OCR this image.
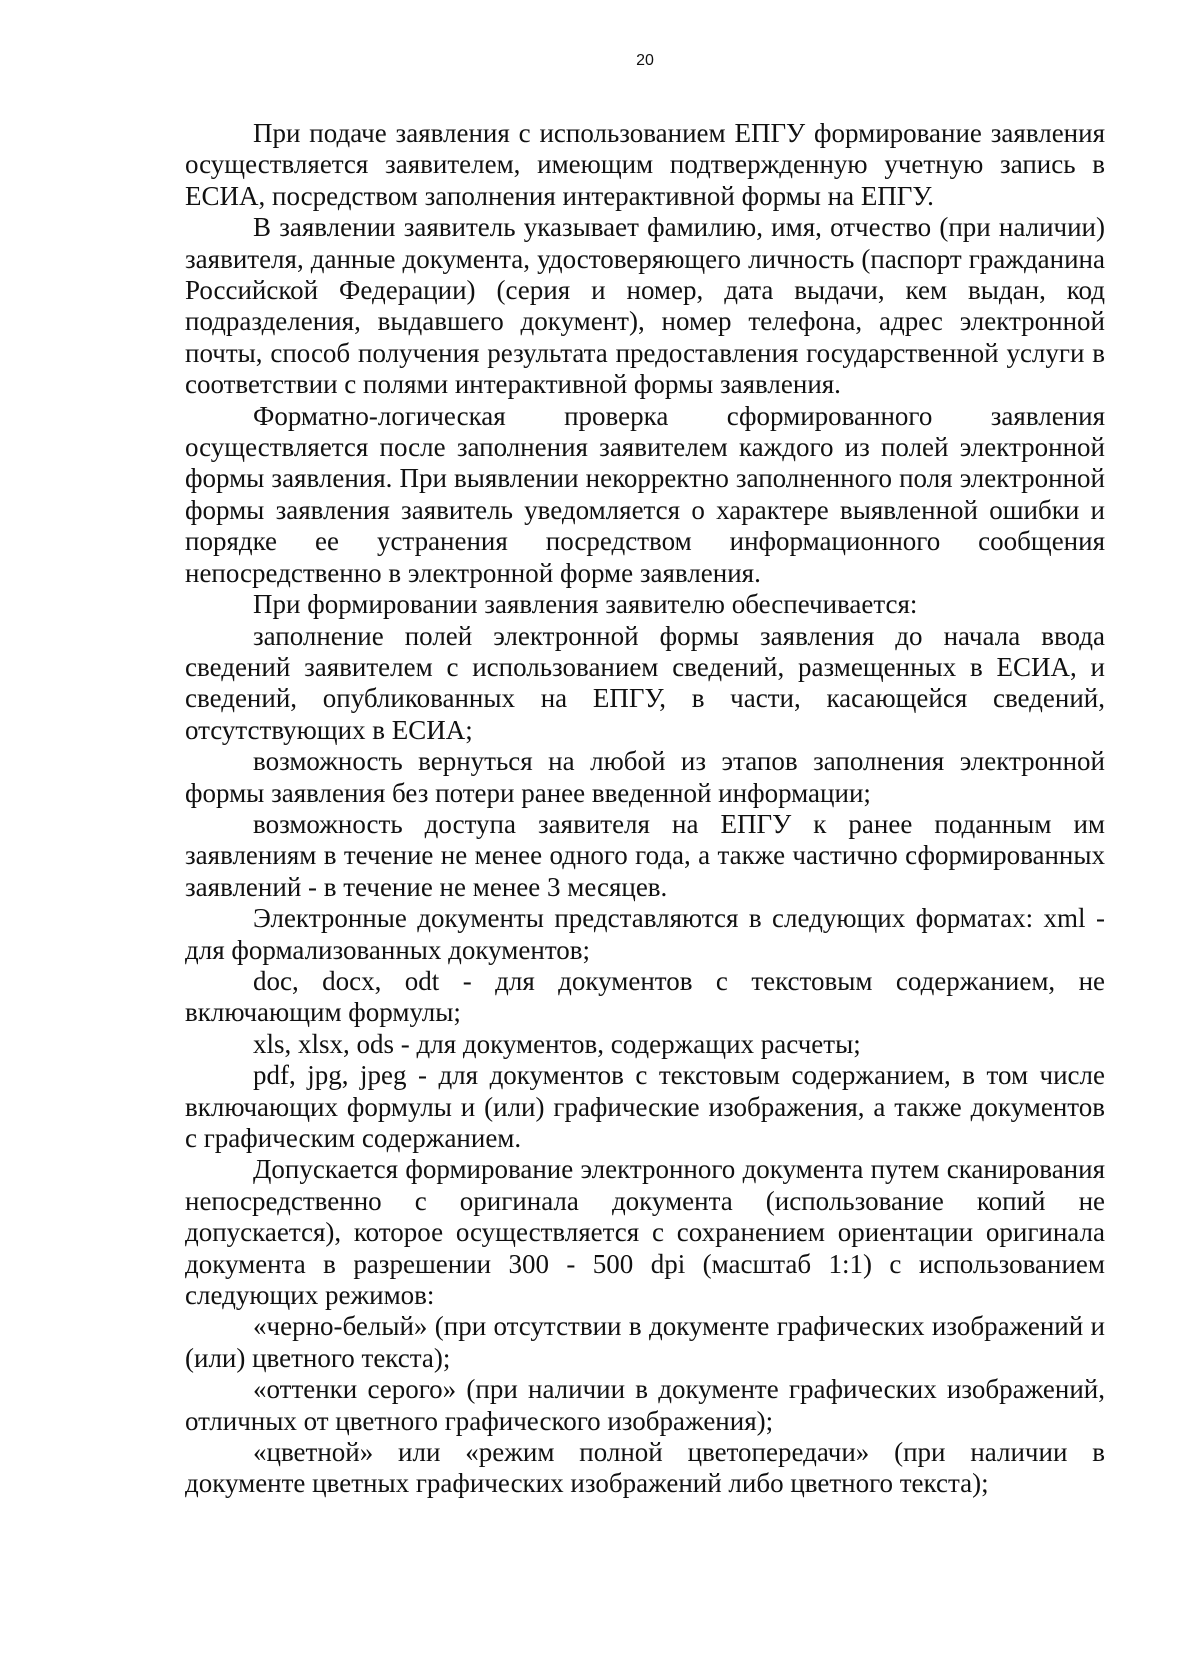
20

При подаче заявления с использованием ЕПГУ формирование заявления осуществляется заявителем, имеющим подтвержденную учетную запись в ЕСИА, посредством заполнения интерактивной формы на ЕПГУ.

В заявлении заявитель указывает фамилию, имя, отчество (при наличии) заявителя, данные документа, удостоверяющего личность (паспорт гражданина Российской Федерации) (серия и номер, дата выдачи, кем выдан, код подразделения, выдавшего документ), номер телефона, адрес электронной почты, способ получения результата предоставления государственной услуги в соответствии с полями интерактивной формы заявления.

Форматно-логическая проверка сформированного заявления осуществляется после заполнения заявителем каждого из полей электронной формы заявления. При выявлении некорректно заполненного поля электронной формы заявления заявитель уведомляется о характере выявленной ошибки и порядке ее устранения посредством информационного сообщения непосредственно в электронной форме заявления.

При формировании заявления заявителю обеспечивается:

заполнение полей электронной формы заявления до начала ввода сведений заявителем с использованием сведений, размещенных в ЕСИА, и сведений, опубликованных на ЕПГУ, в части, касающейся сведений, отсутствующих в ЕСИА;

возможность вернуться на любой из этапов заполнения электронной формы заявления без потери ранее введенной информации;

возможность доступа заявителя на ЕПГУ к ранее поданным им заявлениям в течение не менее одного года, а также частично сформированных заявлений - в течение не менее 3 месяцев.

Электронные документы представляются в следующих форматах: xml - для формализованных документов;

doc, docx, odt - для документов с текстовым содержанием, не включающим формулы;

xls, xlsx, ods - для документов, содержащих расчеты;

pdf, jpg, jpeg - для документов с текстовым содержанием, в том числе включающих формулы и (или) графические изображения, а также документов с графическим содержанием.

Допускается формирование электронного документа путем сканирования непосредственно с оригинала документа (использование копий не допускается), которое осуществляется с сохранением ориентации оригинала документа в разрешении 300 - 500 dpi (масштаб 1:1) с использованием следующих режимов:

«черно-белый» (при отсутствии в документе графических изображений и (или) цветного текста);

«оттенки серого» (при наличии в документе графических изображений, отличных от цветного графического изображения);

«цветной» или «режим полной цветопередачи» (при наличии в документе цветных графических изображений либо цветного текста);
